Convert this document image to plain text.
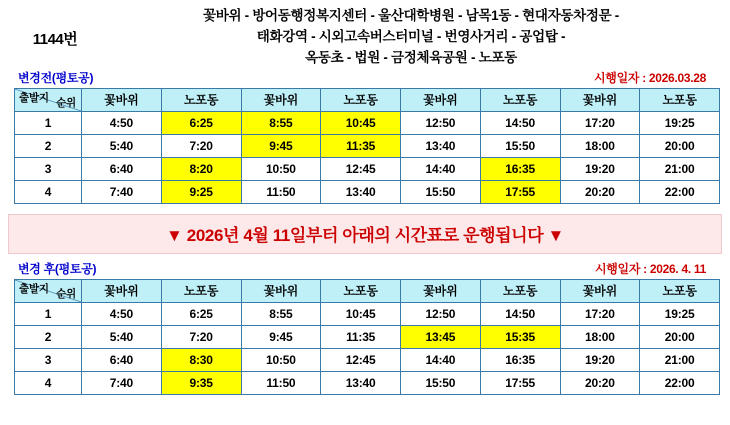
1144번
꽃바위 - 방어동행정복지센터 - 울산대학병원 - 남목1동 - 현대자동차정문 -
태화강역 - 시외고속버스터미널 - 번영사거리 - 공업탑 -
옥동초 - 법원 - 금정체육공원 - 노포동
변경전(평토공)	시행일자 : 2026.03.28
출발지 순위	꽃바위	노포동	꽃바위	노포동	꽃바위	노포동	꽃바위	노포동
1	4:50	6:25	8:55	10:45	12:50	14:50	17:20	19:25
2	5:40	7:20	9:45	11:35	13:40	15:50	18:00	20:00
3	6:40	8:20	10:50	12:45	14:40	16:35	19:20	21:00
4	7:40	9:25	11:50	13:40	15:50	17:55	20:20	22:00
▼ 2026년 4월 11일부터 아래의 시간표로 운행됩니다 ▼
변경 후(평토공)	시행일자 : 2026. 4. 11
출발지 순위	꽃바위	노포동	꽃바위	노포동	꽃바위	노포동	꽃바위	노포동
1	4:50	6:25	8:55	10:45	12:50	14:50	17:20	19:25
2	5:40	7:20	9:45	11:35	13:45	15:35	18:00	20:00
3	6:40	8:30	10:50	12:45	14:40	16:35	19:20	21:00
4	7:40	9:35	11:50	13:40	15:50	17:55	20:20	22:00
